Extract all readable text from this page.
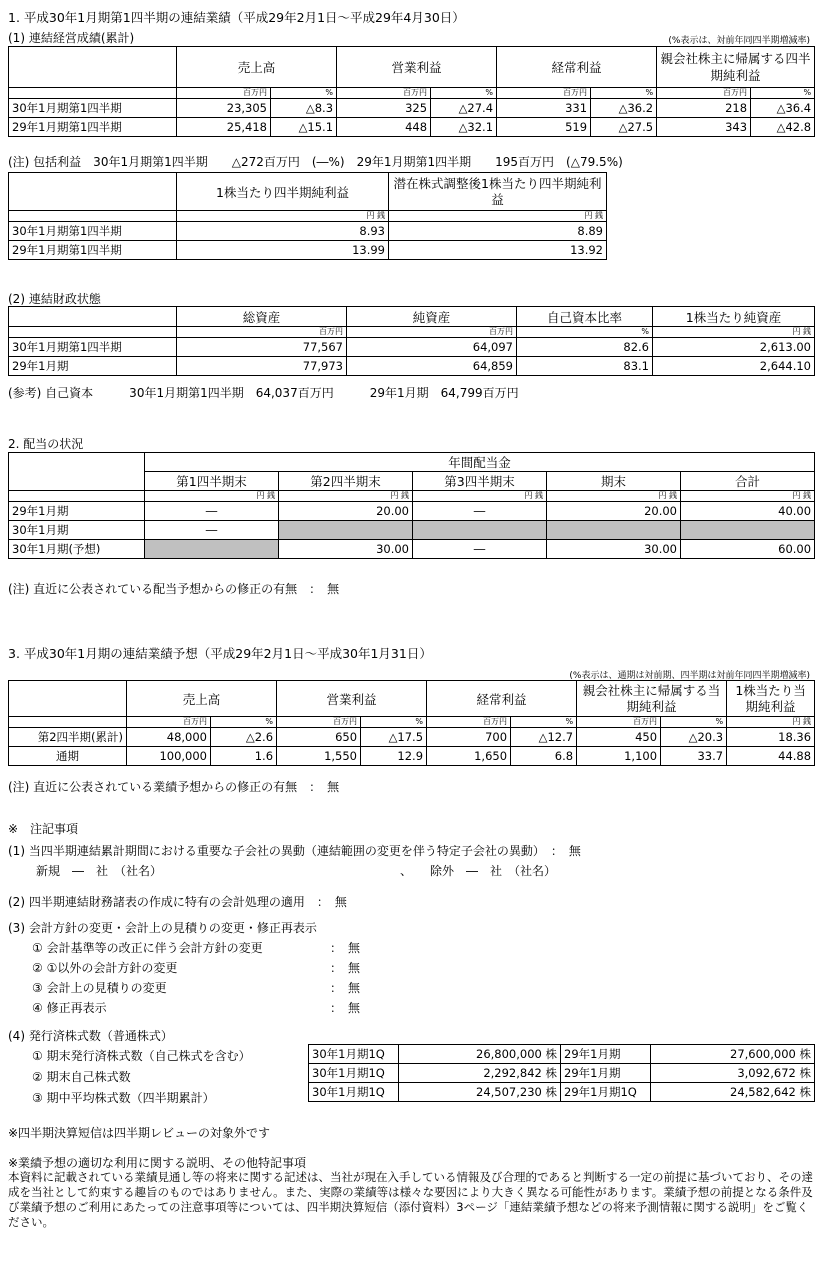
1. 平成30年1月期第1四半期の連結業績（平成29年2月1日～平成29年4月30日）
(1) 連結経営成績(累計)	(%表示は、対前年同四半期増減率)
	売上高		営業利益		経常利益		親会社株主に帰属する四半期純利益	
	百万円	%	百万円	%	百万円	%	百万円	%
30年1月期第1四半期	23,305	△8.3	325	△27.4	331	△36.2	218	△36.4
29年1月期第1四半期	25,418	△15.1	448	△32.1	519	△27.5	343	△42.8
(注) 包括利益　30年1月期第1四半期　　△272百万円　(―%)　29年1月期第1四半期　　195百万円　(△79.5%)
	1株当たり四半期純利益	潜在株式調整後1株当たり四半期純利益
	円 銭	円 銭
30年1月期第1四半期	8.93	8.89
29年1月期第1四半期	13.99	13.92
(2) 連結財政状態
	総資産	純資産	自己資本比率	1株当たり純資産
	百万円	百万円	%	円 銭
30年1月期第1四半期	77,567	64,097	82.6	2,613.00
29年1月期	77,973	64,859	83.1	2,644.10
(参考) 自己資本　　　30年1月期第1四半期　64,037百万円　　　29年1月期　64,799百万円
2. 配当の状況
	年間配当金				
	第1四半期末	第2四半期末	第3四半期末	期末	合計
	円 銭	円 銭	円 銭	円 銭	円 銭
29年1月期	―	20.00	―	20.00	40.00
30年1月期	―				
30年1月期(予想)		30.00	―	30.00	60.00
(注) 直近に公表されている配当予想からの修正の有無　：　無
3. 平成30年1月期の連結業績予想（平成29年2月1日～平成30年1月31日）
(%表示は、通期は対前期、四半期は対前年同四半期増減率)
	売上高		営業利益		経常利益		親会社株主に帰属する当期純利益		1株当たり当期純利益
	百万円	%	百万円	%	百万円	%	百万円	%	円 銭
第2四半期(累計)	48,000	△2.6	650	△17.5	700	△12.7	450	△20.3	18.36
通期	100,000	1.6	1,550	12.9	1,650	6.8	1,100	33.7	44.88
(注) 直近に公表されている業績予想からの修正の有無　：　無
※　注記事項
(1) 当四半期連結累計期間における重要な子会社の異動（連結範囲の変更を伴う特定子会社の異動）　：　無
新規　―　社　（社名）	、　　除外　―　社　（社名）
(2) 四半期連結財務諸表の作成に特有の会計処理の適用　：　無
(3) 会計方針の変更・会計上の見積りの変更・修正再表示
① 会計基準等の改正に伴う会計方針の変更	：　無
② ①以外の会計方針の変更	：　無
③ 会計上の見積りの変更	：　無
④ 修正再表示	：　無
(4) 発行済株式数（普通株式）
① 期末発行済株式数（自己株式を含む）
② 期末自己株式数
③ 期中平均株式数（四半期累計）
30年1月期1Q	26,800,000 株	29年1月期	27,600,000 株
30年1月期1Q	2,292,842 株	29年1月期	3,092,672 株
30年1月期1Q	24,507,230 株	29年1月期1Q	24,582,642 株
※四半期決算短信は四半期レビューの対象外です
※業績予想の適切な利用に関する説明、その他特記事項
本資料に記載されている業績見通し等の将来に関する記述は、当社が現在入手している情報及び合理的であると判断する一定の前提に基づいており、その達成を当社として約束する趣旨のものではありません。また、実際の業績等は様々な要因により大きく異なる可能性があります。業績予想の前提となる条件及び業績予想のご利用にあたっての注意事項等については、四半期決算短信（添付資料）3ページ「連結業績予想などの将来予測情報に関する説明」をご覧ください。
